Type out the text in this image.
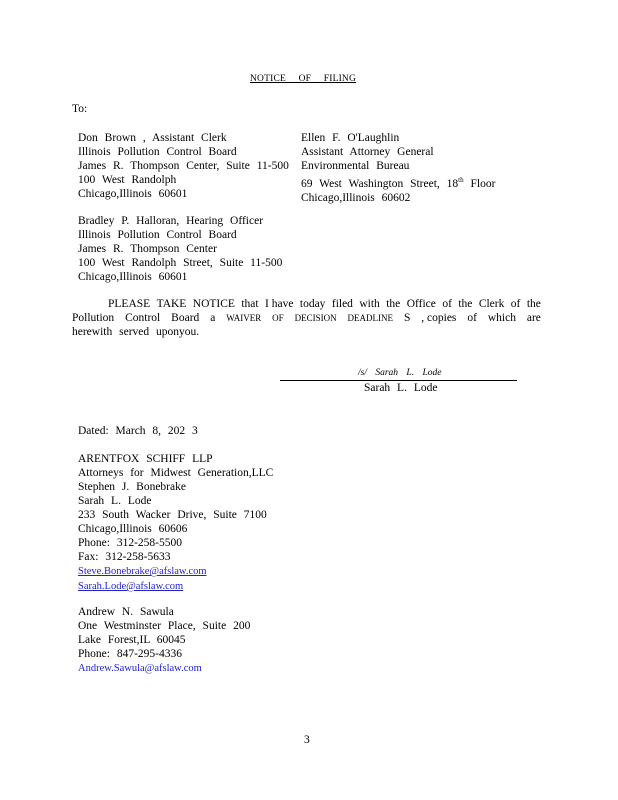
NOTICE OF FILING
To:
Don Brown , Assistant Clerk
Illinois Pollution Control Board
James R. Thompson Center, Suite 11-500
100 West Randolph
Chicago,Illinois 60601
Ellen F. O'Laughlin
Assistant Attorney General
Environmental Bureau
69 West Washington Street, 18th Floor
Chicago,Illinois 60602
Bradley P. Halloran, Hearing Officer
Illinois Pollution Control Board
James R. Thompson Center
100 West Randolph Street, Suite 11-500
Chicago,Illinois 60601
PLEASE TAKE NOTICE that I have today filed with the Office of the Clerk of the
Pollution Control Board a WAIVER OF DECISION DEADLINE S , copies of which are
herewith served uponyou.
/s/ Sarah L. Lode
Sarah L. Lode
Dated: March 8, 202 3
ARENTFOX SCHIFF LLP
Attorneys for Midwest Generation,LLC
Stephen J. Bonebrake
Sarah L. Lode
233 South Wacker Drive, Suite 7100
Chicago,Illinois 60606
Phone: 312-258-5500
Fax: 312-258-5633
Steve.Bonebrake@afslaw.com
Sarah.Lode@afslaw.com
Andrew N. Sawula
One Westminster Place, Suite 200
Lake Forest,IL 60045
Phone: 847-295-4336
Andrew.Sawula@afslaw.com
3
